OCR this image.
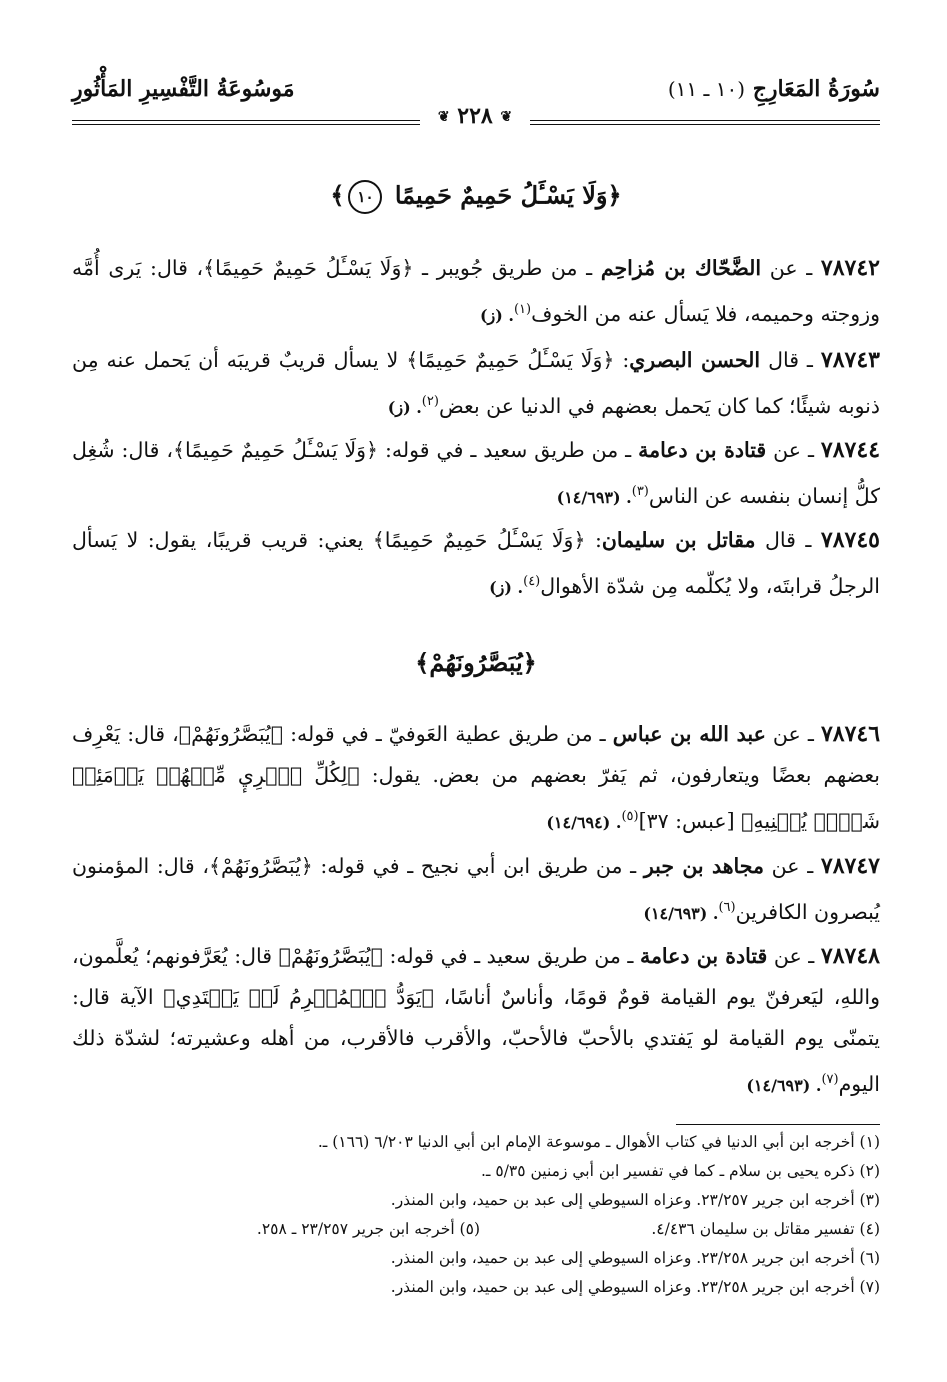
سُورَةُ المَعَارِجِ (١٠ ـ ١١)
مَوسُوعَةُ التَّفْسِيرِ المَأْثُورِ
❦ ٢٢٨ ❦
﴿وَلَا يَسْـَٔلُ حَمِيمٌ حَمِيمًا ١٠﴾
٧٨٧٤٢ ـ عن الضَّحّاك بن مُزاحِم ـ من طريق جُويبر ـ ﴿وَلَا يَسْـَٔلُ حَمِيمٌ حَمِيمًا﴾، قال: يَرى أُمَّه وزوجته وحميمه، فلا يَسأل عنه من الخوف$^{(١)}$. (ز)
٧٨٧٤٣ ـ قال الحسن البصري: ﴿وَلَا يَسْـَٔلُ حَمِيمٌ حَمِيمًا﴾ لا يسأل قريبٌ قريبَه أن يَحمل عنه مِن ذنوبه شيئًا؛ كما كان يَحمل بعضهم في الدنيا عن بعض$^{(٢)}$. (ز)
٧٨٧٤٤ ـ عن قتادة بن دعامة ـ من طريق سعيد ـ في قوله: ﴿وَلَا يَسْـَٔلُ حَمِيمٌ حَمِيمًا﴾، قال: شُغِل كلُّ إنسان بنفسه عن الناس$^{(٣)}$. (١٤/٦٩٣)
٧٨٧٤٥ ـ قال مقاتل بن سليمان: ﴿وَلَا يَسْـَٔلُ حَمِيمٌ حَمِيمًا﴾ يعني: قريب قريبًا، يقول: لا يَسأل الرجلُ قرابتَه، ولا يُكلّمه مِن شدّة الأهوال$^{(٤)}$. (ز)
﴿يُبَصَّرُونَهُمْ﴾
٧٨٧٤٦ ـ عن عبد الله بن عباس ـ من طريق عطية العَوفيّ ـ في قوله: ﴿يُبَصَّرُونَهُمْ﴾، قال: يَعْرِف بعضهم بعضًا ويتعارفون، ثم يَفرّ بعضهم من بعض. يقول: ﴿لِكُلِّ ٱمۡرِيٕ مِّنۡهُمۡ يَوۡمَئِذٖ شَأۡنٞ يُغۡنِيهِ﴾ [عبس: ٣٧]$^{(٥)}$. (١٤/٦٩٤)
٧٨٧٤٧ ـ عن مجاهد بن جبر ـ من طريق ابن أبي نجيح ـ في قوله: ﴿يُبَصَّرُونَهُمْ﴾، قال: المؤمنون يُبصرون الكافرين$^{(٦)}$. (١٤/٦٩٣)
٧٨٧٤٨ ـ عن قتادة بن دعامة ـ من طريق سعيد ـ في قوله: ﴿يُبَصَّرُونَهُمْ﴾ قال: يُعَرَّفونهم؛ يُعلَّمون، واللهِ، ليَعرفنّ يوم القيامة قومٌ قومًا، وأناسٌ أناسًا، ﴿يَوَدُّ ٱلۡمُجۡرِمُ لَوۡ يَفۡتَدِي﴾ الآية قال: يتمنّى يوم القيامة لو يَفتدي بالأحبّ فالأحبّ، والأقرب فالأقرب، من أهله وعشيرته؛ لشدّة ذلك اليوم$^{(٧)}$. (١٤/٦٩٣)
(١) أخرجه ابن أبي الدنيا في كتاب الأهوال ـ موسوعة الإمام ابن أبي الدنيا ٦/٢٠٣ (١٦٦) ـ.
(٢) ذكره يحيى بن سلام ـ كما في تفسير ابن أبي زمنين ٥/٣٥ ـ.
(٣) أخرجه ابن جرير ٢٣/٢٥٧. وعزاه السيوطي إلى عبد بن حميد، وابن المنذر.
(٤) تفسير مقاتل بن سليمان ٤/٤٣٦.
(٥) أخرجه ابن جرير ٢٣/٢٥٧ ـ ٢٥٨.
(٦) أخرجه ابن جرير ٢٣/٢٥٨. وعزاه السيوطي إلى عبد بن حميد، وابن المنذر.
(٧) أخرجه ابن جرير ٢٣/٢٥٨. وعزاه السيوطي إلى عبد بن حميد، وابن المنذر.
